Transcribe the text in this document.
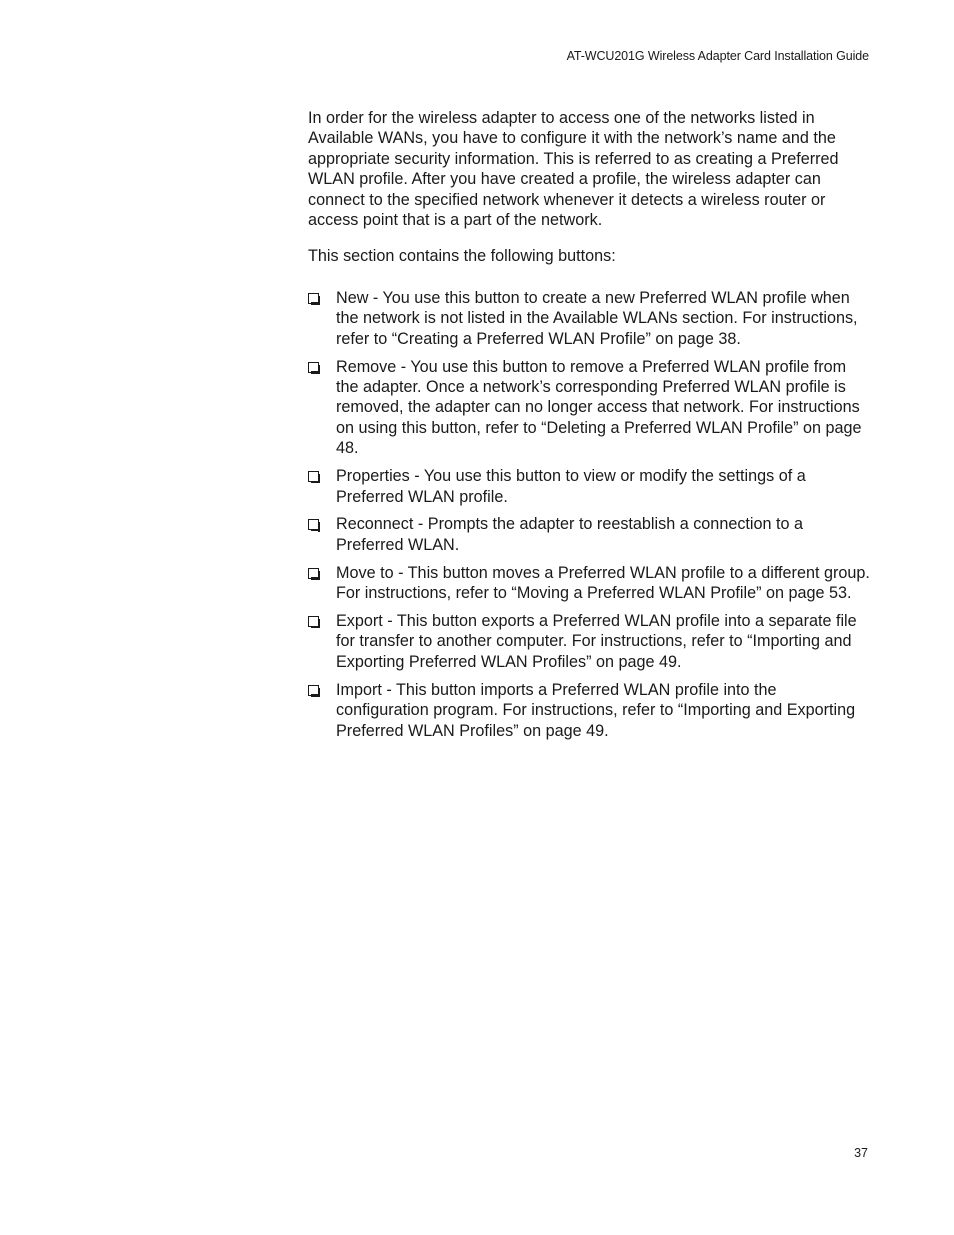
AT-WCU201G Wireless Adapter Card Installation Guide

In order for the wireless adapter to access one of the networks listed in Available WANs, you have to configure it with the network’s name and the appropriate security information. This is referred to as creating a Preferred WLAN profile. After you have created a profile, the wireless adapter can connect to the specified network whenever it detects a wireless router or access point that is a part of the network.

This section contains the following buttons:

New - You use this button to create a new Preferred WLAN profile when the network is not listed in the Available WLANs section. For instructions, refer to “Creating a Preferred WLAN Profile” on page 38.
Remove - You use this button to remove a Preferred WLAN profile from the adapter. Once a network’s corresponding Preferred WLAN profile is removed, the adapter can no longer access that network. For instructions on using this button, refer to “Deleting a Preferred WLAN Profile” on page 48.
Properties - You use this button to view or modify the settings of a Preferred WLAN profile.
Reconnect - Prompts the adapter to reestablish a connection to a Preferred WLAN.
Move to - This button moves a Preferred WLAN profile to a different group. For instructions, refer to “Moving a Preferred WLAN Profile” on page 53.
Export - This button exports a Preferred WLAN profile into a separate file for transfer to another computer. For instructions, refer to “Importing and Exporting Preferred WLAN Profiles” on page 49.
Import - This button imports a Preferred WLAN profile into the configuration program. For instructions, refer to “Importing and Exporting Preferred WLAN Profiles” on page 49.
37
